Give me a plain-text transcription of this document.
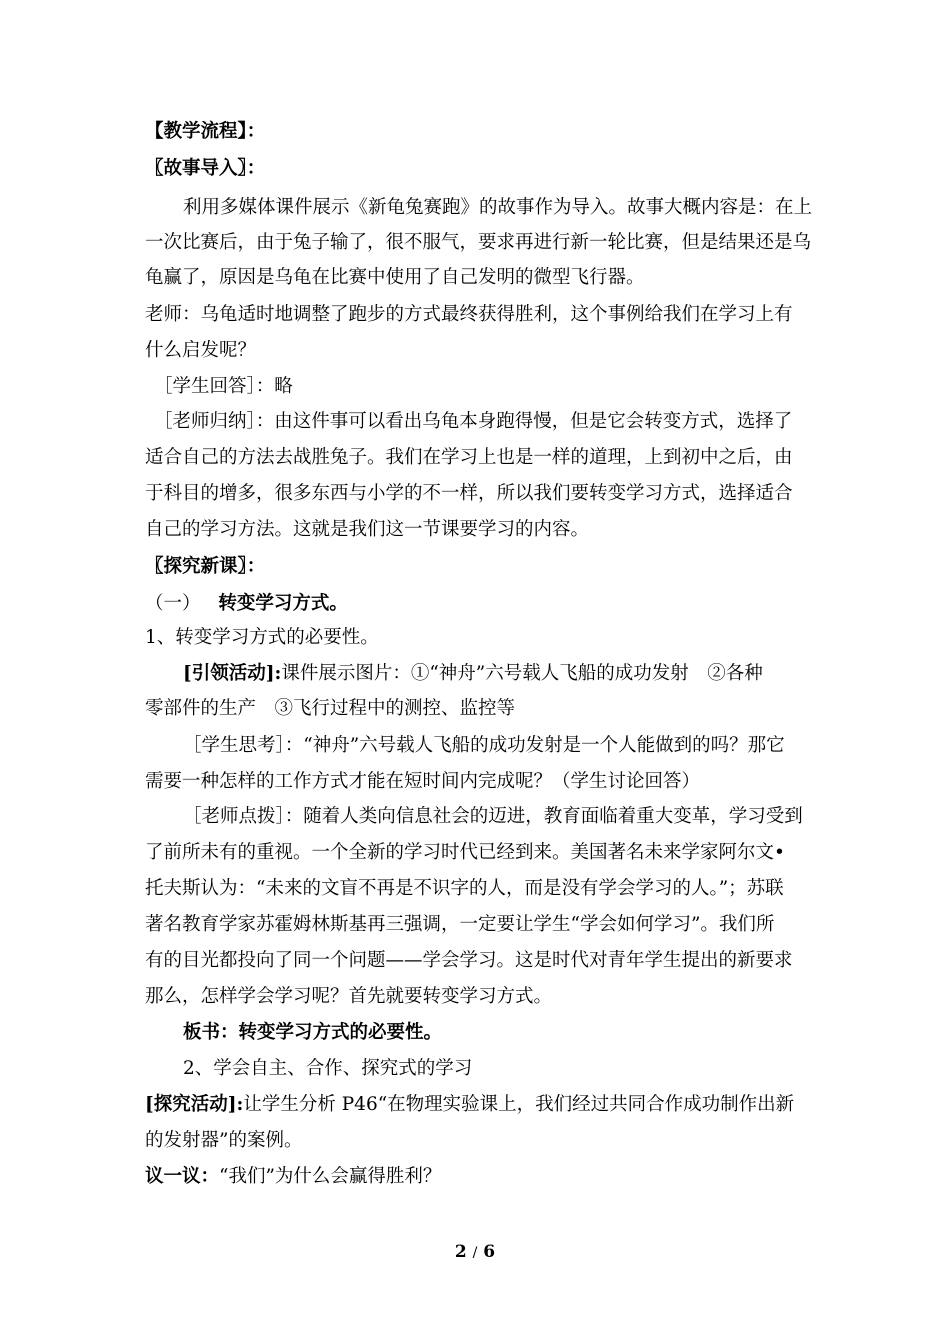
【教学流程】：
〖故事导入〗：
利用多媒体课件展示《新龟兔赛跑》的故事作为导入。故事大概内容是：在上
一次比赛后，由于兔子输了，很不服气，要求再进行新一轮比赛，但是结果还是乌
龟赢了，原因是乌龟在比赛中使用了自己发明的微型飞行器。
老师：乌龟适时地调整了跑步的方式最终获得胜利，这个事例给我们在学习上有
什么启发呢？
［学生回答］：略
［老师归纳］：由这件事可以看出乌龟本身跑得慢，但是它会转变方式，选择了
适合自己的方法去战胜兔子。我们在学习上也是一样的道理，上到初中之后，由
于科目的增多，很多东西与小学的不一样，所以我们要转变学习方式，选择适合
自己的学习方法。这就是我们这一节课要学习的内容。
〖探究新课〗：
（一） 转变学习方式。
1、转变学习方式的必要性。
[引领活动]:课件展示图片：①“神舟”六号载人飞船的成功发射　②各种
零部件的生产　③飞行过程中的测控、监控等
［学生思考］：“神舟”六号载人飞船的成功发射是一个人能做到的吗？那它
需要一种怎样的工作方式才能在短时间内完成呢？（学生讨论回答）
［老师点拨］：随着人类向信息社会的迈进，教育面临着重大变革，学习受到
了前所未有的重视。一个全新的学习时代已经到来。美国著名未来学家阿尔文•
托夫斯认为：“未来的文盲不再是不识字的人，而是没有学会学习的人。”；苏联
著名教育学家苏霍姆林斯基再三强调，一定要让学生“学会如何学习”。我们所
有的目光都投向了同一个问题——学会学习。这是时代对青年学生提出的新要求
那么，怎样学会学习呢？首先就要转变学习方式。
板书：转变学习方式的必要性。
2、学会自主、合作、探究式的学习
[探究活动]:让学生分析 P46“在物理实验课上，我们经过共同合作成功制作出新
的发射器”的案例。
议一议：“我们”为什么会赢得胜利？
2 / 6
